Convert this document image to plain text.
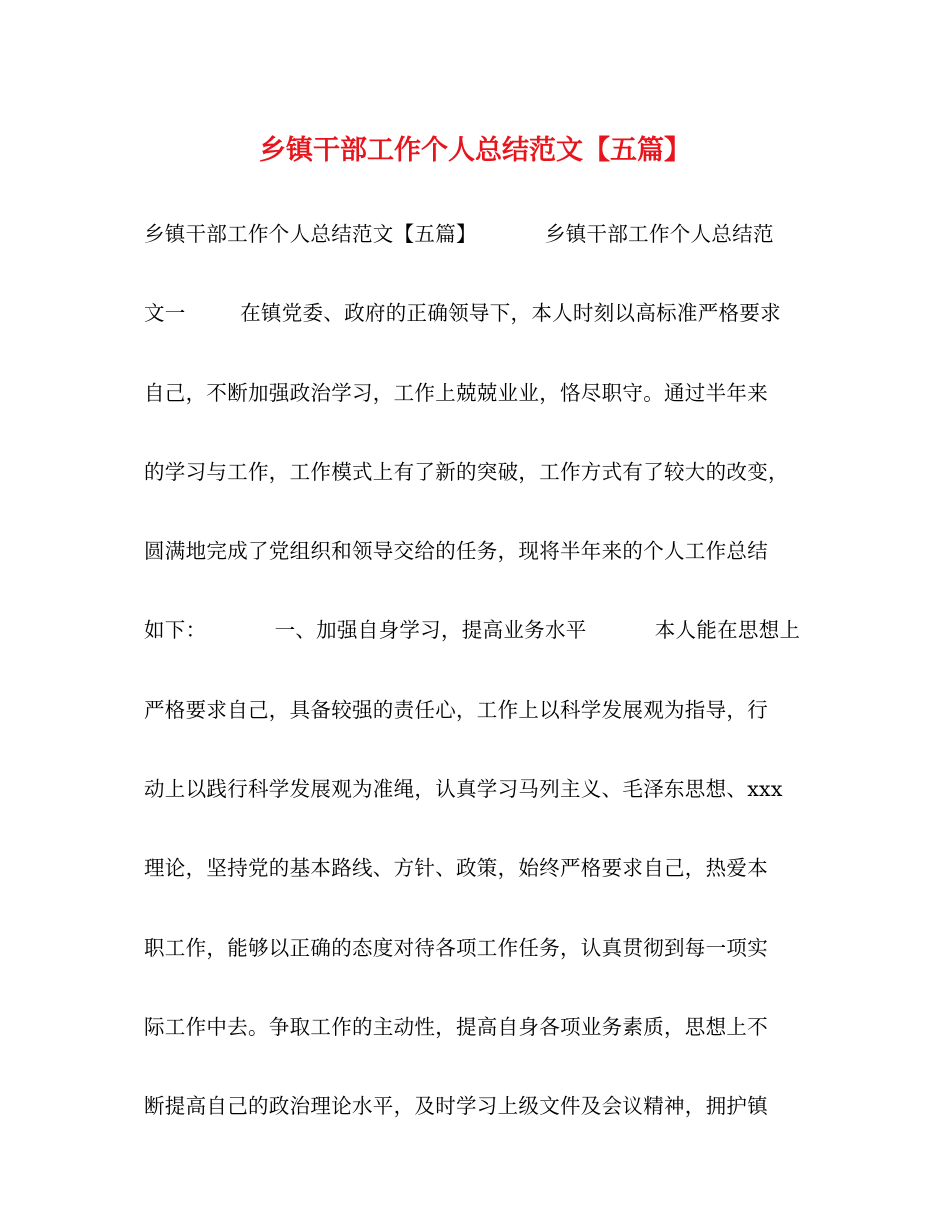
乡镇干部工作个人总结范文【五篇】
乡镇干部工作个人总结范文【五篇】          乡镇干部工作个人总结范
文一        在镇党委、政府的正确领导下，本人时刻以高标准严格要求
自己，不断加强政治学习，工作上兢兢业业，恪尽职守。通过半年来
的学习与工作，工作模式上有了新的突破，工作方式有了较大的改变，
圆满地完成了党组织和领导交给的任务，现将半年来的个人工作总结
如下：          一、加强自身学习，提高业务水平          本人能在思想上
严格要求自己，具备较强的责任心，工作上以科学发展观为指导，行
动上以践行科学发展观为准绳，认真学习马列主义、毛泽东思想、xxx
理论，坚持党的基本路线、方针、政策，始终严格要求自己，热爱本
职工作，能够以正确的态度对待各项工作任务，认真贯彻到每一项实
际工作中去。争取工作的主动性，提高自身各项业务素质，思想上不
断提高自己的政治理论水平，及时学习上级文件及会议精神，拥护镇
